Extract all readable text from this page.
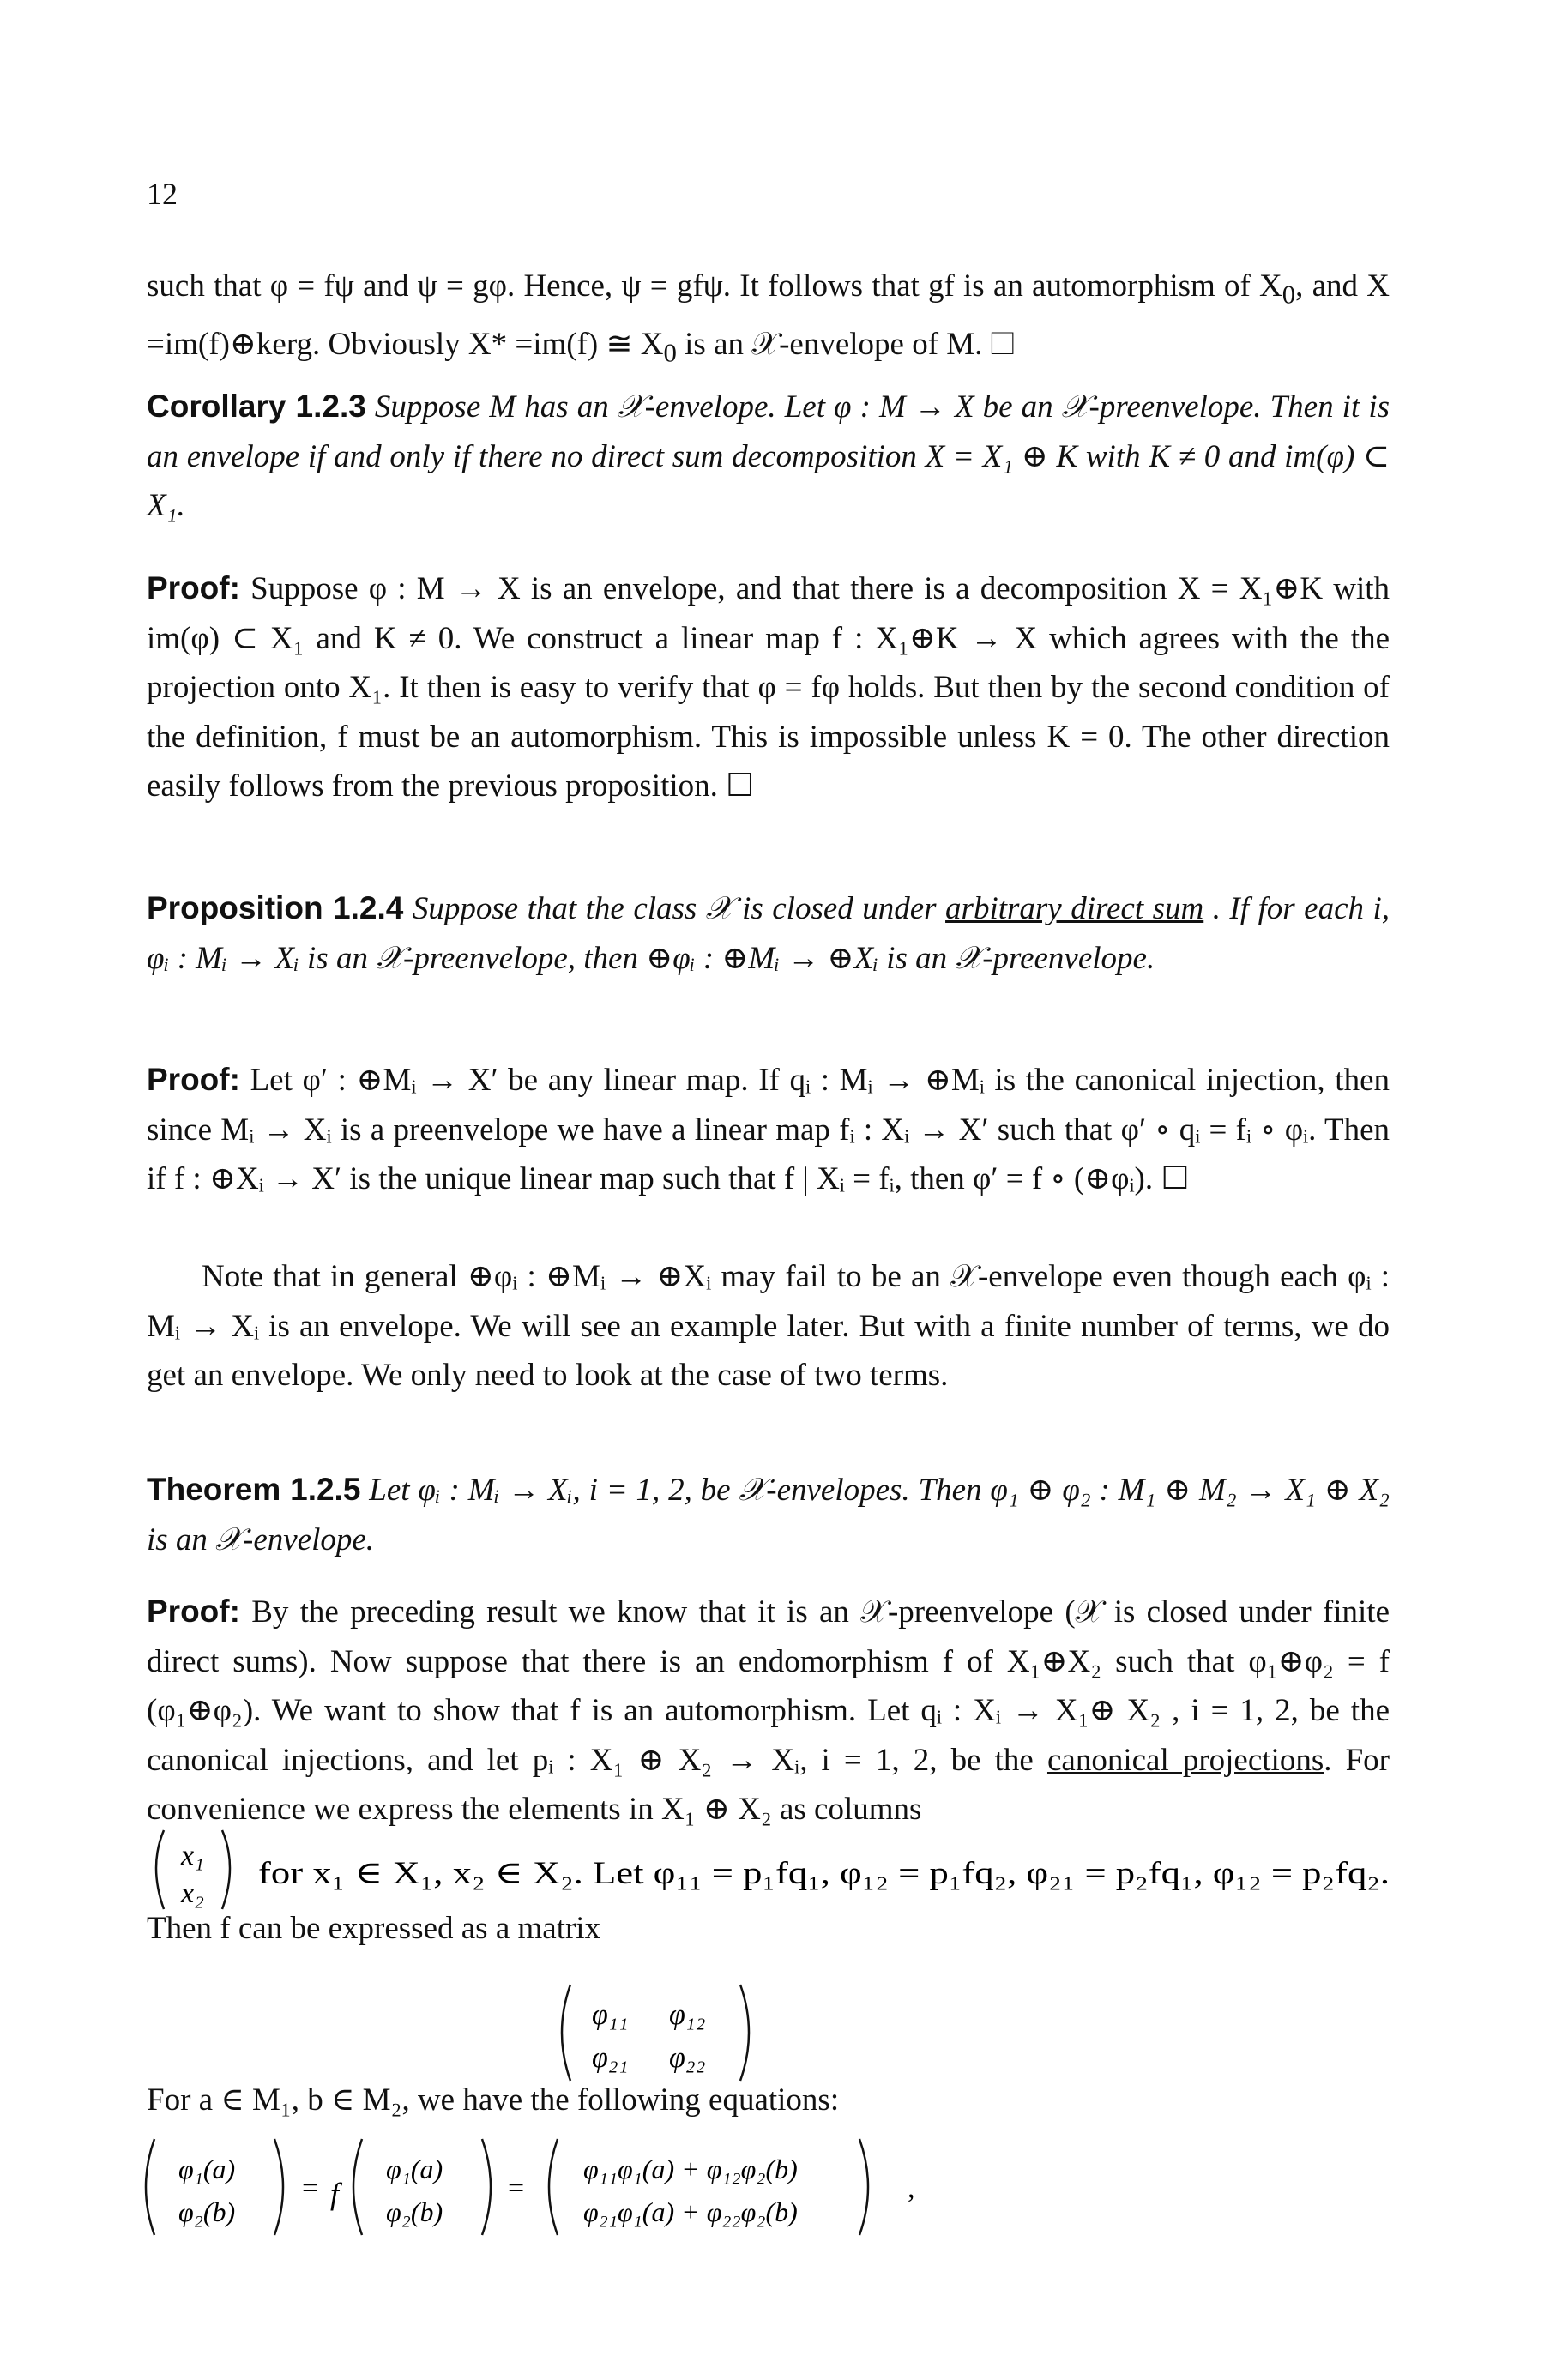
12
such that φ = fψ and ψ = gφ. Hence, ψ = gfψ. It follows that gf is an automorphism of $X_0$, and X =im(f)⊕kerg. Obviously X* =im(f) ≅ $X_0$ is an 𝒳-envelope of M. ☐
Corollary 1.2.3 Suppose M has an 𝒳-envelope. Let φ : M → X be an 𝒳-preenvelope. Then it is an envelope if and only if there no direct sum decomposition X = X₁ ⊕ K with K ≠ 0 and im(φ) ⊂ X₁.
Proof: Suppose φ : M → X is an envelope, and that there is a decomposition X = X₁⊕K with im(φ) ⊂ X₁ and K ≠ 0. We construct a linear map f : X₁⊕K → X which agrees with the the projection onto X₁. It then is easy to verify that φ = fφ holds. But then by the second condition of the definition, f must be an automorphism. This is impossible unless K = 0. The other direction easily follows from the previous proposition. ☐
Proposition 1.2.4 Suppose that the class 𝒳 is closed under arbitrary direct sum . If for each i, φᵢ : Mᵢ → Xᵢ is an 𝒳-preenvelope, then ⊕φᵢ : ⊕Mᵢ → ⊕Xᵢ is an 𝒳-preenvelope.
Proof: Let φ′ : ⊕Mᵢ → X′ be any linear map. If qᵢ : Mᵢ → ⊕Mᵢ is the canonical injection, then since Mᵢ → Xᵢ is a preenvelope we have a linear map fᵢ : Xᵢ → X′ such that φ′ ∘ qᵢ = fᵢ ∘ φᵢ. Then if f : ⊕Xᵢ → X′ is the unique linear map such that f | Xᵢ = fᵢ, then φ′ = f ∘ (⊕φᵢ). ☐
Note that in general ⊕φᵢ : ⊕Mᵢ → ⊕Xᵢ may fail to be an 𝒳-envelope even though each φᵢ : Mᵢ → Xᵢ is an envelope. We will see an example later. But with a finite number of terms, we do get an envelope. We only need to look at the case of two terms.
Theorem 1.2.5 Let φᵢ : Mᵢ → Xᵢ, i = 1, 2, be 𝒳-envelopes. Then φ₁ ⊕ φ₂ : M₁ ⊕ M₂ → X₁ ⊕ X₂ is an 𝒳-envelope.
Proof: By the preceding result we know that it is an 𝒳-preenvelope (𝒳 is closed under finite direct sums). Now suppose that there is an endomorphism f of X₁⊕X₂ such that φ₁⊕φ₂ = f (φ₁⊕φ₂). We want to show that f is an automorphism. Let qᵢ : Xᵢ → X₁⊕ X₂ , i = 1, 2, be the canonical injections, and let pᵢ : X₁ ⊕ X₂ → Xᵢ, i = 1, 2, be the canonical projections. For convenience we express the elements in X₁ ⊕ X₂ as columns
x₁
x₂
for x₁ ∈ X₁, x₂ ∈ X₂. Let φ₁₁ = p₁fq₁, φ₁₂ = p₁fq₂, φ₂₁ = p₂fq₁, φ₁₂ = p₂fq₂.
Then f can be expressed as a matrix
φ₁₁ φ₁₂
φ₂₁ φ₂₂
For a ∈ M₁, b ∈ M₂, we have the following equations:
φ₁(a)
φ₂(b)
= f
φ₁(a)
φ₂(b)
=
φ₁₁φ₁(a) + φ₁₂φ₂(b)
φ₂₁φ₁(a) + φ₂₂φ₂(b)
,
